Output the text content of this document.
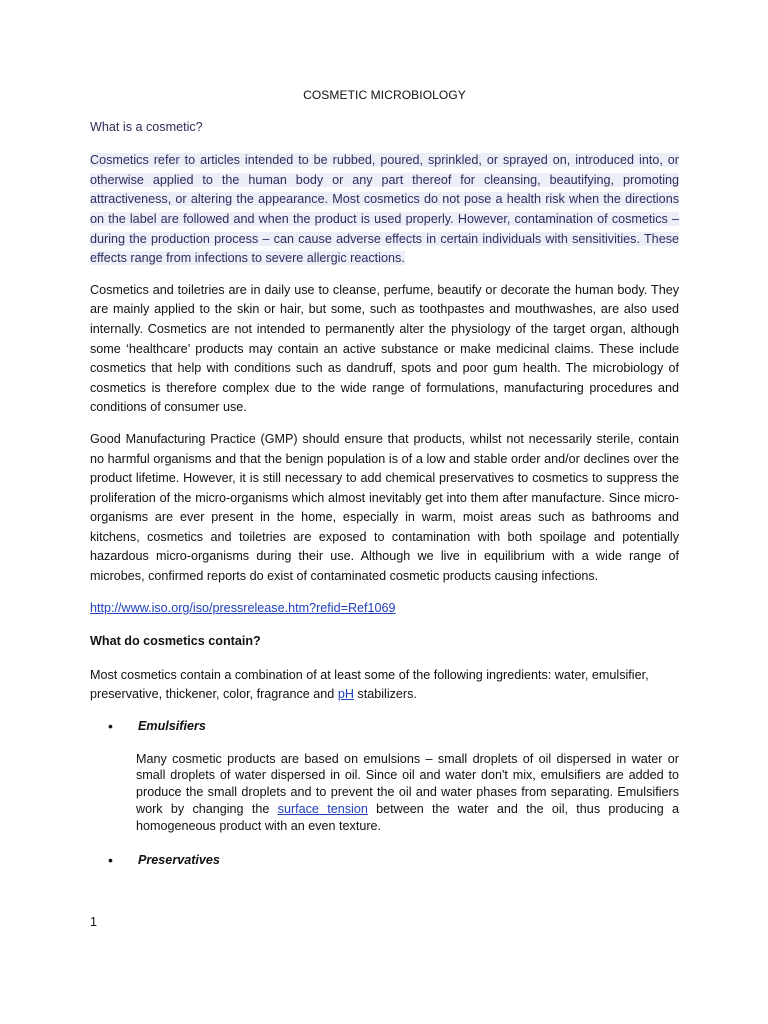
COSMETIC MICROBIOLOGY
What is a cosmetic?

Cosmetics refer to articles intended to be rubbed, poured, sprinkled, or sprayed on, introduced into, or otherwise applied to the human body or any part thereof for cleansing, beautifying, promoting attractiveness, or altering the appearance. Most cosmetics do not pose a health risk when the directions on the label are followed and when the product is used properly. However, contamination of cosmetics – during the production process – can cause adverse effects in certain individuals with sensitivities. These effects range from infections to severe allergic reactions.

Cosmetics and toiletries are in daily use to cleanse, perfume, beautify or decorate the human body. They are mainly applied to the skin or hair, but some, such as toothpastes and mouthwashes, are also used internally. Cosmetics are not intended to permanently alter the physiology of the target organ, although some ‘healthcare’ products may contain an active substance or make medicinal claims. These include cosmetics that help with conditions such as dandruff, spots and poor gum health. The microbiology of cosmetics is therefore complex due to the wide range of formulations, manufacturing procedures and conditions of consumer use.

Good Manufacturing Practice (GMP) should ensure that products, whilst not necessarily sterile, contain no harmful organisms and that the benign population is of a low and stable order and/or declines over the product lifetime. However, it is still necessary to add chemical preservatives to cosmetics to suppress the proliferation of the micro-organisms which almost inevitably get into them after manufacture. Since micro-organisms are ever present in the home, especially in warm, moist areas such as bathrooms and kitchens, cosmetics and toiletries are exposed to contamination with both spoilage and potentially hazardous micro-organisms during their use. Although we live in equilibrium with a wide range of microbes, confirmed reports do exist of contaminated cosmetic products causing infections.

http://www.iso.org/iso/pressrelease.htm?refid=Ref1069

What do cosmetics contain?

Most cosmetics contain a combination of at least some of the following ingredients: water, emulsifier, preservative, thickener, color, fragrance and pH stabilizers.

•	Emulsifiers

Many cosmetic products are based on emulsions – small droplets of oil dispersed in water or small droplets of water dispersed in oil. Since oil and water don't mix, emulsifiers are added to produce the small droplets and to prevent the oil and water phases from separating. Emulsifiers work by changing the surface tension between the water and the oil, thus producing a homogeneous product with an even texture.

•	Preservatives
1
